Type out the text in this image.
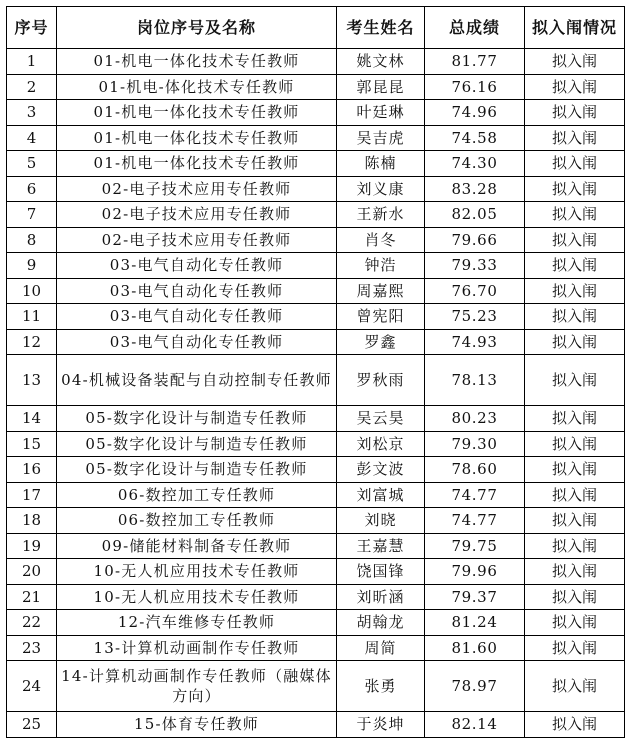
序号	岗位序号及名称	考生姓名	总成绩	拟入闱情况
1	01-机电一体化技术专任教师	姚文林	81.77	拟入闱
2	01-机电-体化技术专任教师	郭昆昆	76.16	拟入闱
3	01-机电一体化技术专任教师	叶廷琳	74.96	拟入闱
4	01-机电一体化技术专任教师	吴吉虎	74.58	拟入闱
5	01-机电一体化技术专任教师	陈楠	74.30	拟入闱
6	02-电子技术应用专任教师	刘义康	83.28	拟入闱
7	02-电子技术应用专任教师	王新水	82.05	拟入闱
8	02-电子技术应用专任教师	肖冬	79.66	拟入闱
9	03-电气自动化专任教师	钟浩	79.33	拟入闱
10	03-电气自动化专任教师	周嘉熙	76.70	拟入闱
11	03-电气自动化专任教师	曾宪阳	75.23	拟入闱
12	03-电气自动化专任教师	罗鑫	74.93	拟入闱
13	04-机械设备装配与自动控制专任教师	罗秋雨	78.13	拟入闱
14	05-数字化设计与制造专任教师	吴云昊	80.23	拟入闱
15	05-数字化设计与制造专任教师	刘松京	79.30	拟入闱
16	05-数字化设计与制造专任教师	彭文波	78.60	拟入闱
17	06-数控加工专任教师	刘富城	74.77	拟入闱
18	06-数控加工专任教师	刘晓	74.77	拟入闱
19	09-储能材料制备专任教师	王嘉慧	79.75	拟入闱
20	10-无人机应用技术专任教师	饶国锋	79.96	拟入闱
21	10-无人机应用技术专任教师	刘昕涵	79.37	拟入闱
22	12-汽车维修专任教师	胡翰龙	81.24	拟入闱
23	13-计算机动画制作专任教师	周简	81.60	拟入闱
24	14-计算机动画制作专任教师（融媒体方向）	张勇	78.97	拟入闱
25	15-体育专任教师	于炎坤	82.14	拟入闱
